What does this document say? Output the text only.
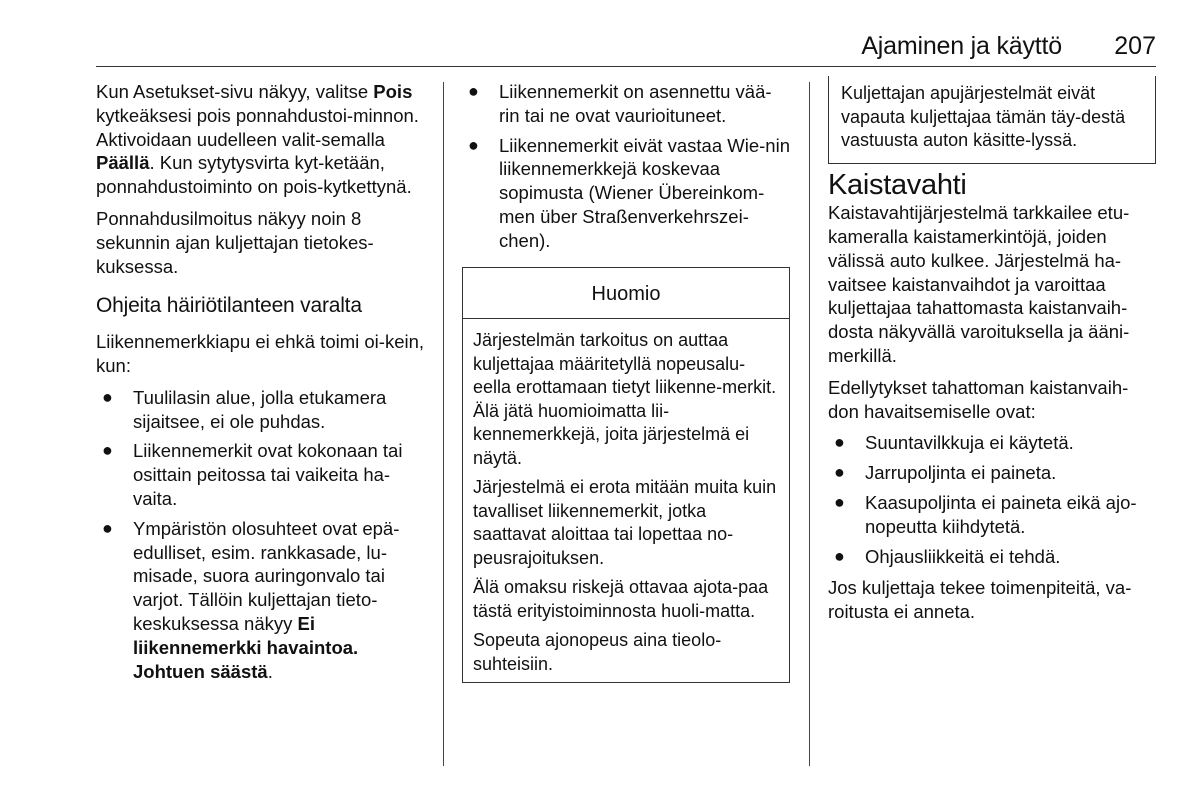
Ajaminen ja käyttö 207

Kun Asetukset-sivu näkyy, valitse Pois kytkeäksesi pois ponnahdustoi-minnon. Aktivoidaan uudelleen valit-semalla Päällä. Kun sytytysvirta kyt-ketään, ponnahdustoiminto on pois-kytkettynä.

Ponnahdusilmoitus näkyy noin 8 sekunnin ajan kuljettajan tietokes-kuksessa.

Ohjeita häiriötilanteen varalta

Liikennemerkkiapu ei ehkä toimi oi-kein, kun:

● Tuulilasin alue, jolla etukamera sijaitsee, ei ole puhdas.
● Liikennemerkit ovat kokonaan tai osittain peitossa tai vaikeita ha-vaita.
● Ympäristön olosuhteet ovat epä-edulliset, esim. rankkasade, lu-misade, suora auringonvalo tai varjot. Tällöin kuljettajan tieto-keskuksessa näkyy Ei liikennemerkki havaintoa. Johtuen säästä.
● Liikennemerkit on asennettu vää-rin tai ne ovat vaurioituneet.
● Liikennemerkit eivät vastaa Wie-nin liikennemerkkejä koskevaa sopimusta (Wiener Übereinkom-men über Straßenverkehrszei-chen).
Huomio

Järjestelmän tarkoitus on auttaa kuljettajaa määritetyllä nopeusalu-eella erottamaan tietyt liikenne-merkit. Älä jätä huomioimatta lii-kennemerkkejä, joita järjestelmä ei näytä.

Järjestelmä ei erota mitään muita kuin tavalliset liikennemerkit, jotka saattavat aloittaa tai lopettaa no-peusrajoituksen.

Älä omaksu riskejä ottavaa ajota-paa tästä erityistoiminnosta huoli-matta.

Sopeuta ajonopeus aina tieolo-suhteisiin.

Kuljettajan apujärjestelmät eivät vapauta kuljettajaa tämän täy-destä vastuusta auton käsitte-lyssä.
Kaistavahti

Kaistavahtijärjestelmä tarkkailee etu-kameralla kaistamerkintöjä, joiden välissä auto kulkee. Järjestelmä ha-vaitsee kaistanvaihdot ja varoittaa kuljettajaa tahattomasta kaistanvaih-dosta näkyvällä varoituksella ja ääni-merkillä.

Edellytykset tahattoman kaistanvaih-don havaitsemiselle ovat:

● Suuntavilkkuja ei käytetä.
● Jarrupoljinta ei paineta.
● Kaasupoljinta ei paineta eikä ajo-nopeutta kiihdytetä.
● Ohjausliikkeitä ei tehdä.

Jos kuljettaja tekee toimenpiteitä, va-roitusta ei anneta.
